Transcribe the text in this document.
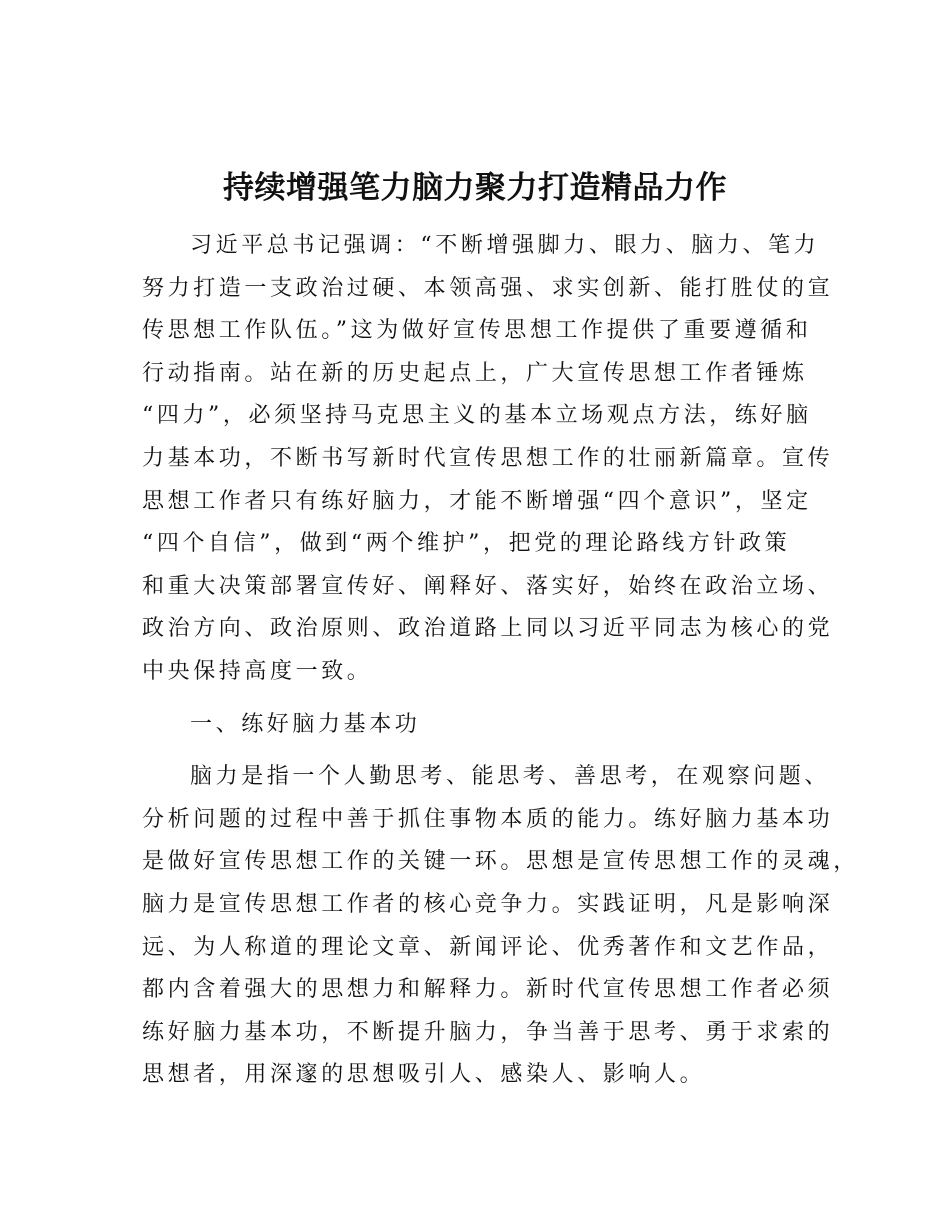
持续增强笔力脑力聚力打造精品力作
习近平总书记强调：“不断增强脚力、眼力、脑力、笔力
努力打造一支政治过硬、本领高强、求实创新、能打胜仗的宣
传思想工作队伍。”这为做好宣传思想工作提供了重要遵循和
行动指南。站在新的历史起点上，广大宣传思想工作者锤炼
“四力”，必须坚持马克思主义的基本立场观点方法，练好脑
力基本功，不断书写新时代宣传思想工作的壮丽新篇章。宣传
思想工作者只有练好脑力，才能不断增强“四个意识”，坚定
“四个自信”，做到“两个维护”，把党的理论路线方针政策
和重大决策部署宣传好、阐释好、落实好，始终在政治立场、
政治方向、政治原则、政治道路上同以习近平同志为核心的党
中央保持高度一致。
一、练好脑力基本功
脑力是指一个人勤思考、能思考、善思考，在观察问题、
分析问题的过程中善于抓住事物本质的能力。练好脑力基本功
是做好宣传思想工作的关键一环。思想是宣传思想工作的灵魂，
脑力是宣传思想工作者的核心竞争力。实践证明，凡是影响深
远、为人称道的理论文章、新闻评论、优秀著作和文艺作品，
都内含着强大的思想力和解释力。新时代宣传思想工作者必须
练好脑力基本功，不断提升脑力，争当善于思考、勇于求索的
思想者，用深邃的思想吸引人、感染人、影响人。
